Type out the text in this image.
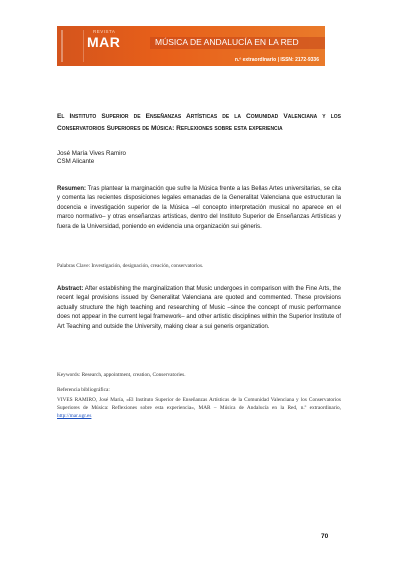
REVISTA
MAR	MÚSICA DE ANDALUCÍA EN LA RED
n.º extraordinario | ISSN: 2172-9336
El Instituto Superior de Enseñanzas Artísticas de la Comunidad Valenciana y los Conservatorios Superiores de Música: Reflexiones sobre esta experiencia
José María Vives Ramiro
CSM Alicante
Resumen: Tras plantear la marginación que sufre la Música frente a las Bellas Artes universitarias, se cita y comenta las recientes disposiciones legales emanadas de la Generalitat Valenciana que estructuran la docencia e investigación superior de la Música –el concepto interpretación musical no aparece en el marco normativo– y otras enseñanzas artísticas, dentro del Instituto Superior de Enseñanzas Artísticas y fuera de la Universidad, poniendo en evidencia una organización sui géneris.
Palabras Clave: Investigación, designación, creación, conservatorios.
Abstract: After establishing the marginalization that Music undergoes in comparison with the Fine Arts, the recent legal provisions issued by Generalitat Valenciana are quoted and commented. These provisions actually structure the high teaching and researching of Music –since the concept of music performance does not appear in the current legal framework– and other artistic disciplines within the Superior Institute of Art Teaching and outside the University, making clear a sui generis organization.
Keywords: Research, appointment, creation, Conservatories.
Referencia bibliográfica:
VIVES RAMIRO, José María, «El Instituto Superior de Enseñanzas Artísticas de la Comunidad Valenciana y los Conservatorios Superiores de Música: Reflexiones sobre esta experiencia», MAR – Música de Andalucía en la Red, n.º extraordinario, http://mar.ugr.es
70
